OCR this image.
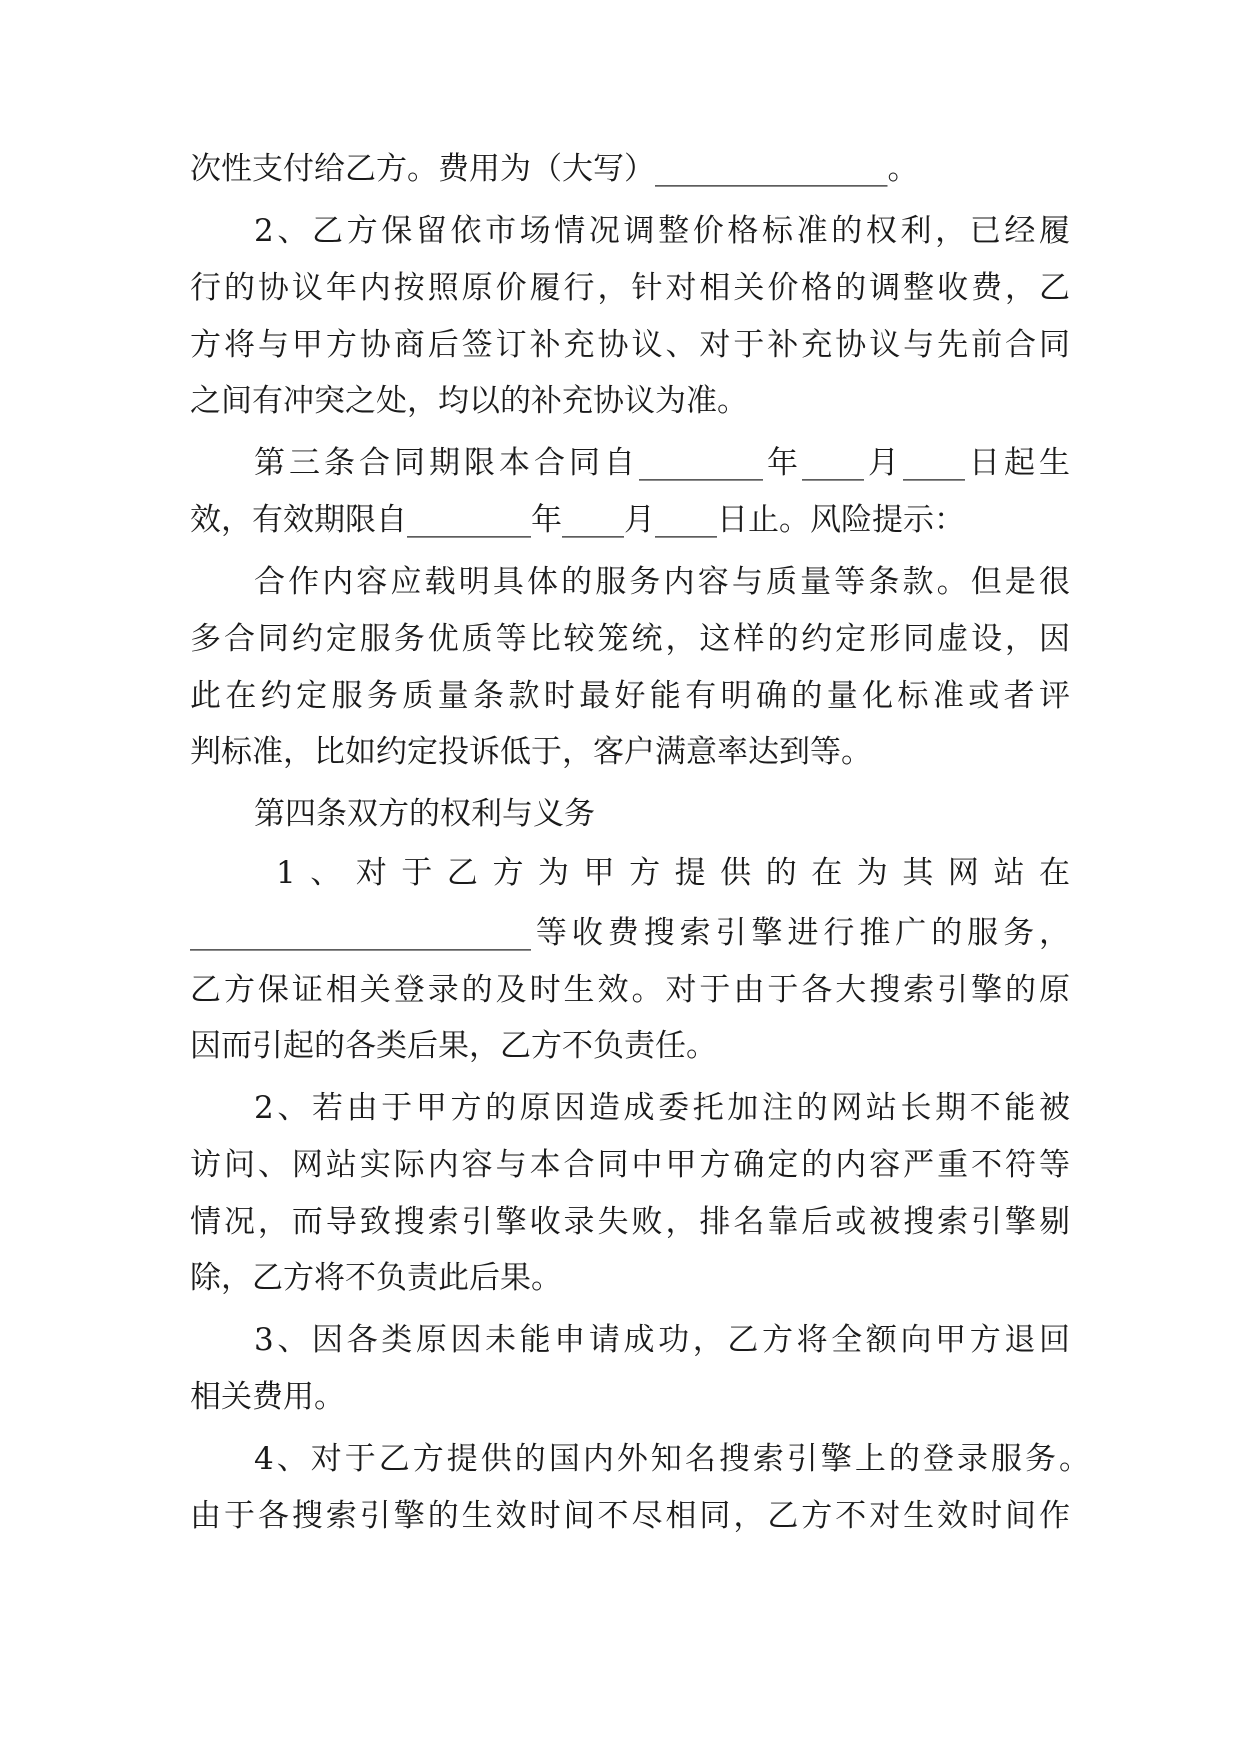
次性支付给乙方。费用为（大写）_______________。
2、乙方保留依市场情况调整价格标准的权利，已经履
行的协议年内按照原价履行，针对相关价格的调整收费，乙
方将与甲方协商后签订补充协议、对于补充协议与先前合同
之间有冲突之处，均以的补充协议为准。
第三条合同期限本合同自________年____月____日起生
效，有效期限自________年____月____日止。风险提示：
合作内容应载明具体的服务内容与质量等条款。但是很
多合同约定服务优质等比较笼统，这样的约定形同虚设，因
此在约定服务质量条款时最好能有明确的量化标准或者评
判标准，比如约定投诉低于，客户满意率达到等。
第四条双方的权利与义务
1、对于乙方为甲方提供的在为其网站在
______________________等收费搜索引擎进行推广的服务，
乙方保证相关登录的及时生效。对于由于各大搜索引擎的原
因而引起的各类后果，乙方不负责任。
2、若由于甲方的原因造成委托加注的网站长期不能被
访问、网站实际内容与本合同中甲方确定的内容严重不符等
情况，而导致搜索引擎收录失败，排名靠后或被搜索引擎剔
除，乙方将不负责此后果。
3、因各类原因未能申请成功，乙方将全额向甲方退回
相关费用。
4、对于乙方提供的国内外知名搜索引擎上的登录服务。
由于各搜索引擎的生效时间不尽相同，乙方不对生效时间作
